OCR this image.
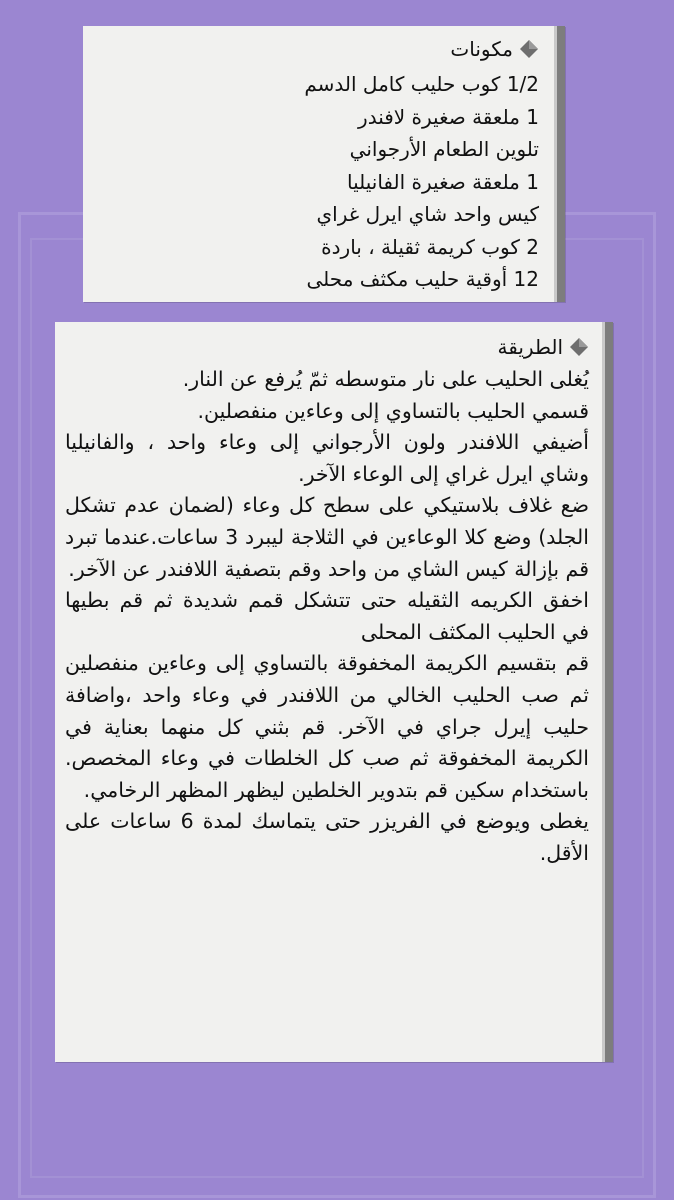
مكونات
1/2 كوب حليب كامل الدسم
1 ملعقة صغيرة لافندر
تلوين الطعام الأرجواني
1 ملعقة صغيرة الفانيليا
كيس واحد شاي ايرل غراي
2 كوب كريمة ثقيلة ، باردة
12 أوقية حليب مكثف محلى
الطريقة

يُغلى الحليب على نار متوسطه ثمّ يُرفع عن النار.

قسمي الحليب بالتساوي إلى وعاءين منفصلين.

أضيفي اللافندر ولون الأرجواني إلى وعاء واحد ، والفانيليا وشاي ايرل غراي إلى الوعاء الآخر.

ضع غلاف بلاستيكي على سطح كل وعاء (لضمان عدم تشكل الجلد) وضع كلا الوعاءين في الثلاجة ليبرد 3 ساعات.عندما تبرد قم بإزالة كيس الشاي من واحد وقم بتصفية اللافندر عن الآخر.

اخفق الكريمه الثقيله حتى تتشكل قمم شديدة ثم قم بطيها في الحليب المكثف المحلى

قم بتقسيم الكريمة المخفوقة بالتساوي إلى وعاءين منفصلين ثم صب الحليب الخالي من اللافندر في وعاء واحد ،واضافة حليب إيرل جراي في الآخر. قم بثني كل منهما بعناية في الكريمة المخفوقة ثم صب كل الخلطات في وعاء المخصص. باستخدام سكين قم بتدوير الخلطين ليظهر المظهر الرخامي.

يغطى ويوضع في الفريزر حتى يتماسك لمدة 6 ساعات على الأقل.
